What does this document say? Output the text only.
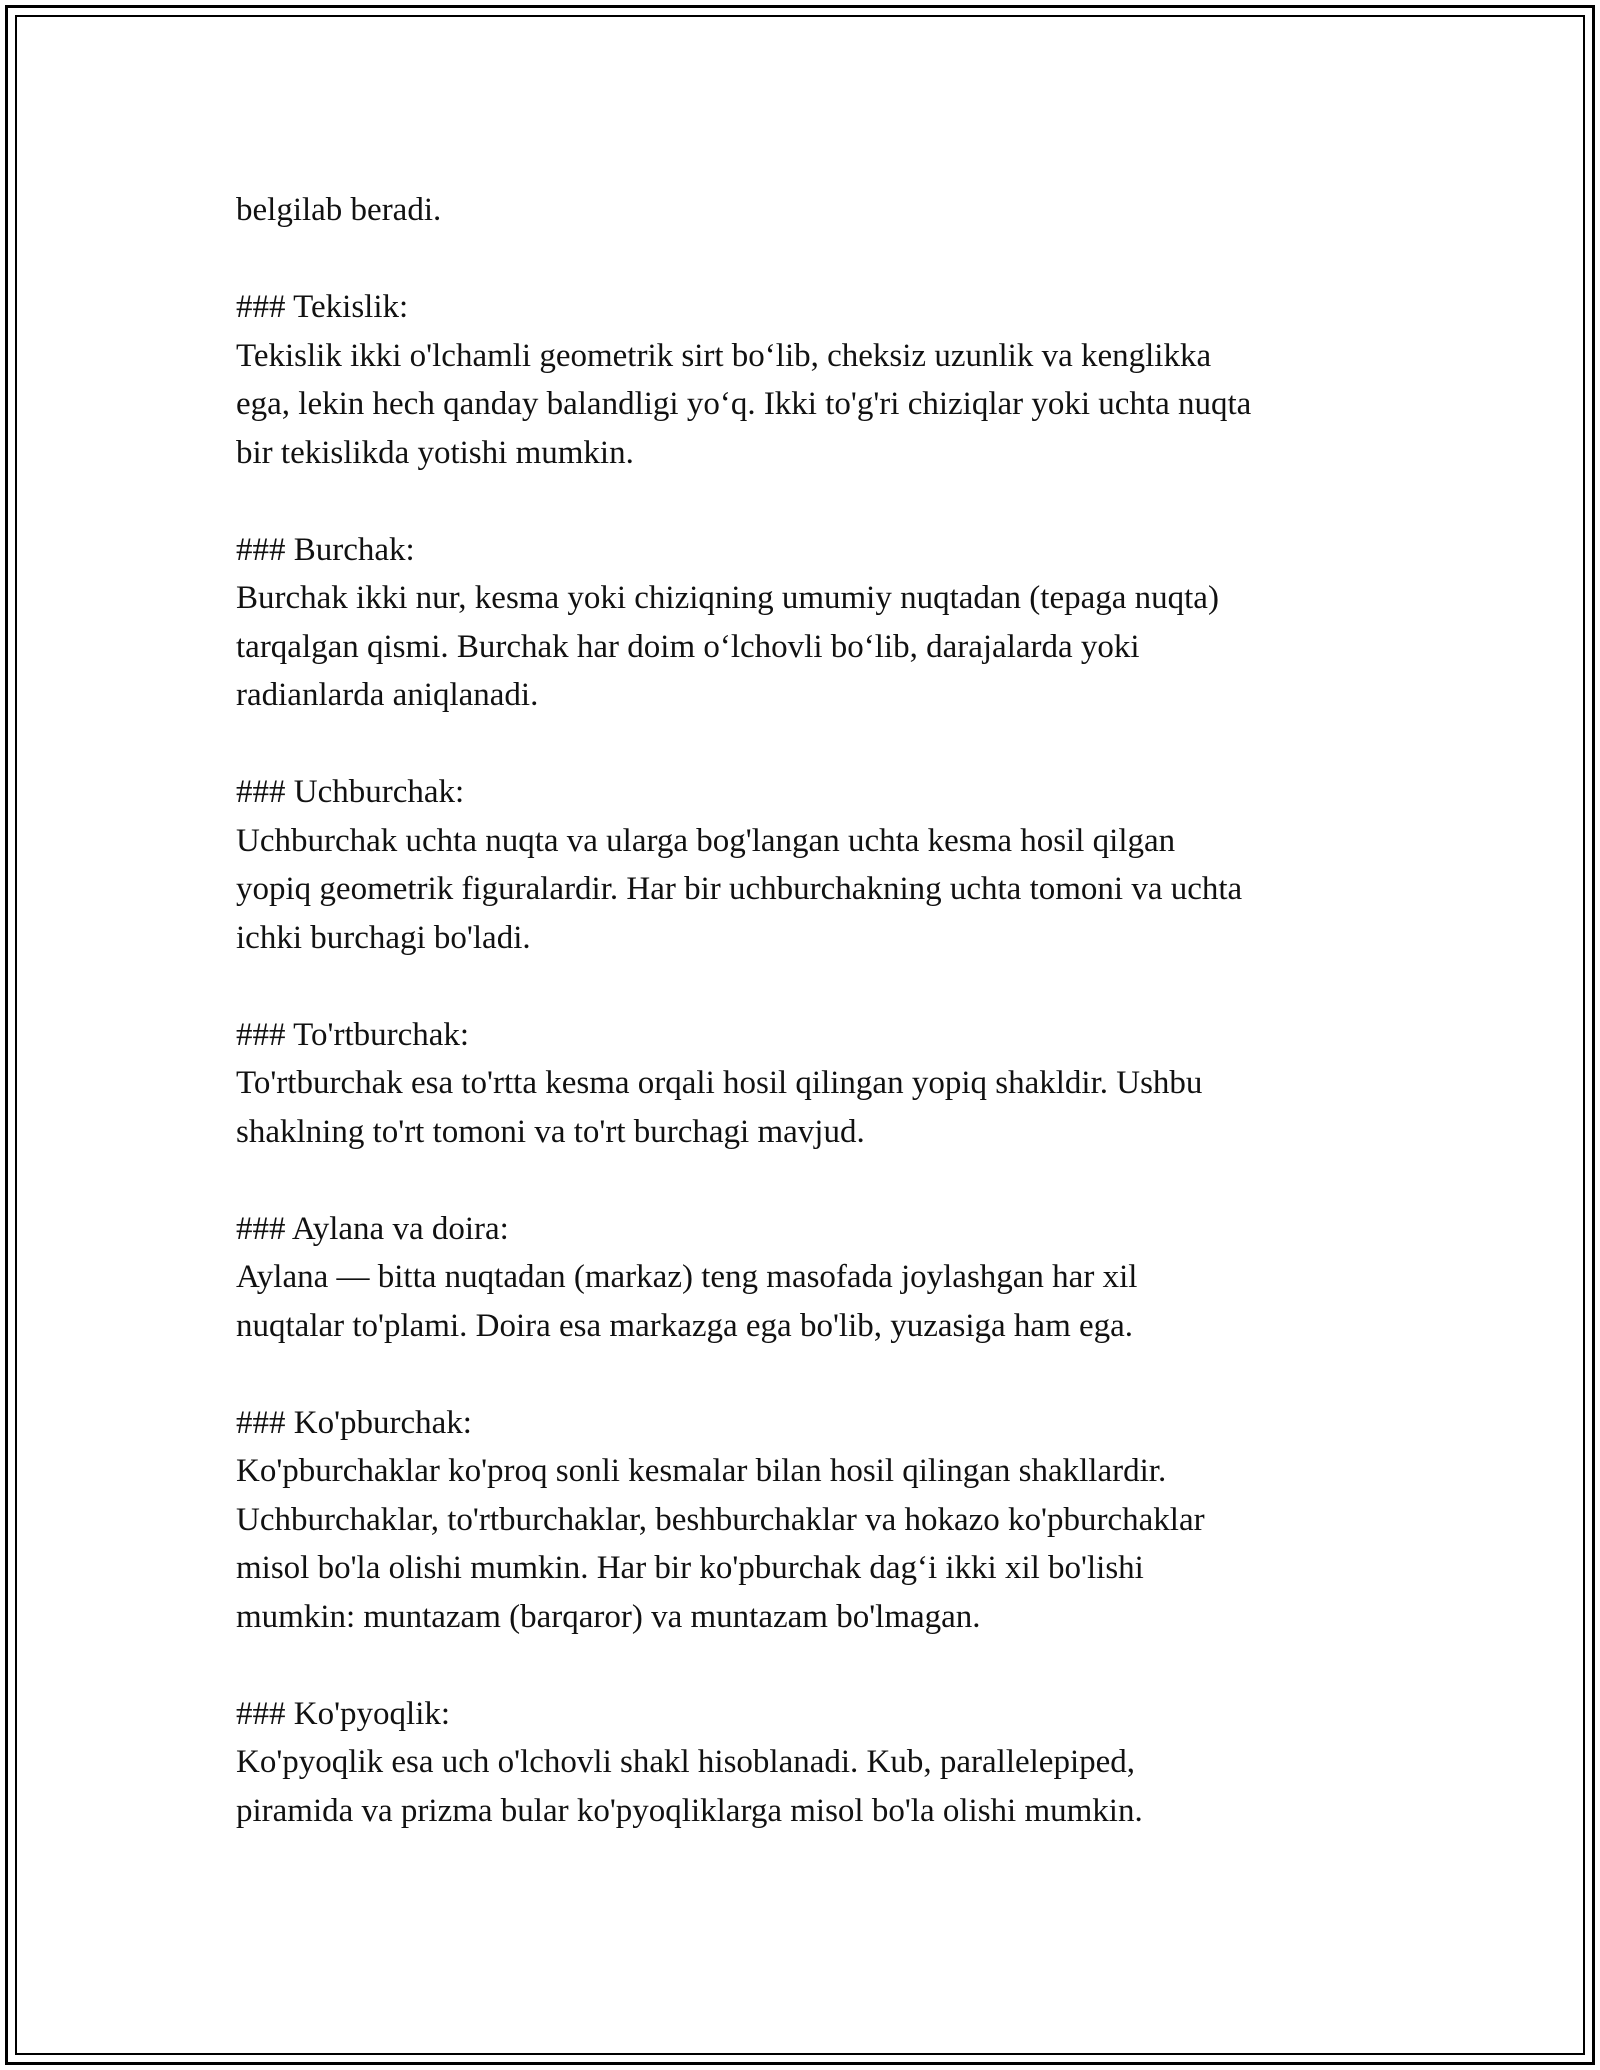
belgilab beradi.

### Tekislik:

Tekislik ikki o'lchamli geometrik sirt bo‘lib, cheksiz uzunlik va kenglikka

ega, lekin hech qanday balandligi yo‘q. Ikki to'g'ri chiziqlar yoki uchta nuqta

bir tekislikda yotishi mumkin.

### Burchak:

Burchak ikki nur, kesma yoki chiziqning umumiy nuqtadan (tepaga nuqta)

tarqalgan qismi. Burchak har doim o‘lchovli bo‘lib, darajalarda yoki

radianlarda aniqlanadi.

### Uchburchak:

Uchburchak uchta nuqta va ularga bog'langan uchta kesma hosil qilgan

yopiq geometrik figuralardir. Har bir uchburchakning uchta tomoni va uchta

ichki burchagi bo'ladi.

### To'rtburchak:

To'rtburchak esa to'rtta kesma orqali hosil qilingan yopiq shakldir. Ushbu

shaklning to'rt tomoni va to'rt burchagi mavjud.

### Aylana va doira:

Aylana — bitta nuqtadan (markaz) teng masofada joylashgan har xil

nuqtalar to'plami. Doira esa markazga ega bo'lib, yuzasiga ham ega.

### Ko'pburchak:

Ko'pburchaklar ko'proq sonli kesmalar bilan hosil qilingan shakllardir.

Uchburchaklar, to'rtburchaklar, beshburchaklar va hokazo ko'pburchaklar

misol bo'la olishi mumkin. Har bir ko'pburchak dag‘i ikki xil bo'lishi

mumkin: muntazam (barqaror) va muntazam bo'lmagan.

### Ko'pyoqlik:

Ko'pyoqlik esa uch o'lchovli shakl hisoblanadi. Kub, parallelepiped,

piramida va prizma bular ko'pyoqliklarga misol bo'la olishi mumkin.
